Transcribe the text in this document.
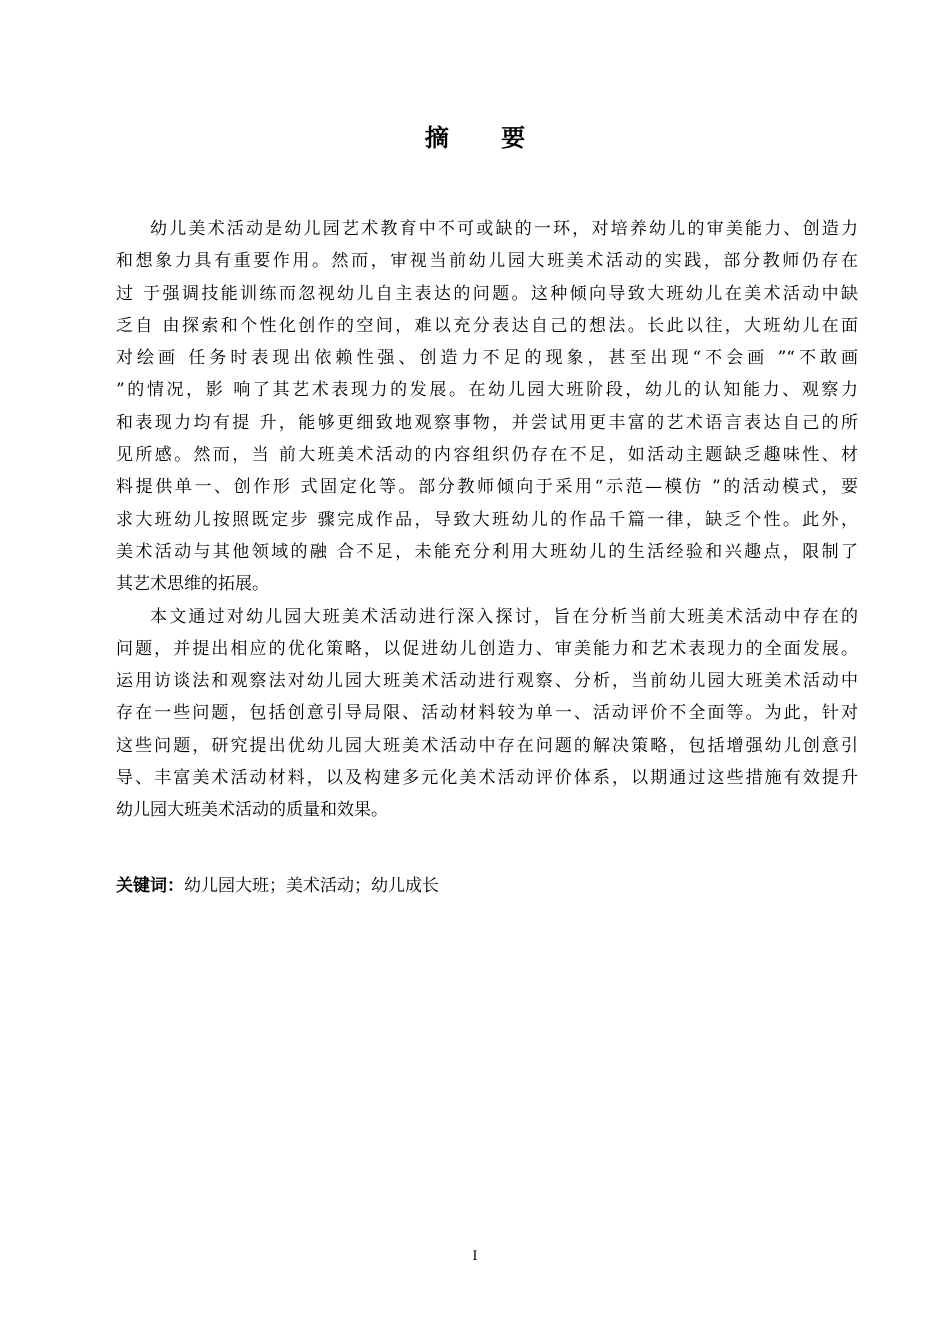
摘 要

幼儿美术活动是幼儿园艺术教育中不可或缺的一环，对培养幼儿的审美能力、创造力
和想象力具有重要作用。然而，审视当前幼儿园大班美术活动的实践，部分教师仍存在
过 于强调技能训练而忽视幼儿自主表达的问题。这种倾向导致大班幼儿在美术活动中缺
乏自 由探索和个性化创作的空间，难以充分表达自己的想法。长此以往，大班幼儿在面
对绘画 任务时表现出依赖性强、创造力不足的现象，甚至出现“不会画 ”“不敢画
”的情况，影 响了其艺术表现力的发展。在幼儿园大班阶段，幼儿的认知能力、观察力
和表现力均有提 升，能够更细致地观察事物，并尝试用更丰富的艺术语言表达自己的所
见所感。然而，当 前大班美术活动的内容组织仍存在不足，如活动主题缺乏趣味性、材
料提供单一、创作形 式固定化等。部分教师倾向于采用“示范—模仿 ”的活动模式，要
求大班幼儿按照既定步 骤完成作品，导致大班幼儿的作品千篇一律，缺乏个性。此外，
美术活动与其他领域的融 合不足，未能充分利用大班幼儿的生活经验和兴趣点，限制了
其艺术思维的拓展。

本文通过对幼儿园大班美术活动进行深入探讨，旨在分析当前大班美术活动中存在的
问题，并提出相应的优化策略，以促进幼儿创造力、审美能力和艺术表现力的全面发展。
运用访谈法和观察法对幼儿园大班美术活动进行观察、分析，当前幼儿园大班美术活动中
存在一些问题，包括创意引导局限、活动材料较为单一、活动评价不全面等。为此，针对
这些问题，研究提出优幼儿园大班美术活动中存在问题的解决策略，包括增强幼儿创意引
导、丰富美术活动材料，以及构建多元化美术活动评价体系，以期通过这些措施有效提升
幼儿园大班美术活动的质量和效果。

关键词：幼儿园大班；美术活动；幼儿成长
I
